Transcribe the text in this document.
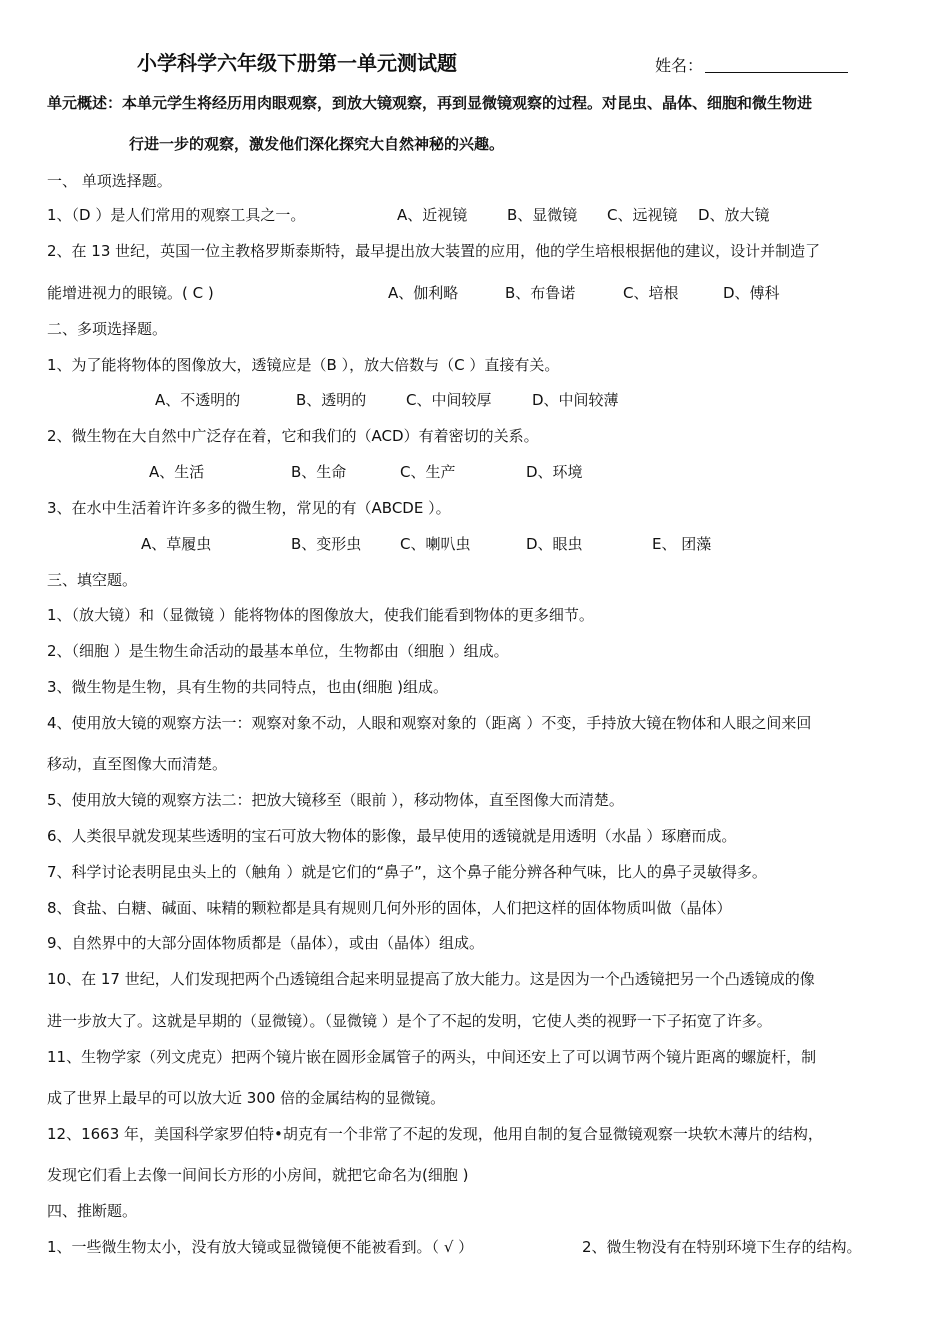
小学科学六年级下册第一单元测试题	姓名：
单元概述：本单元学生将经历用肉眼观察，到放大镜观察，再到显微镜观察的过程。对昆虫、晶体、细胞和微生物进
行进一步的观察，激发他们深化探究大自然神秘的兴趣。
一、 单项选择题。
1、（D ）是人们常用的观察工具之一。	A、近视镜	B、显微镜 C、远视镜 D、放大镜
2、在 13 世纪，英国一位主教格罗斯泰斯特，最早提出放大装置的应用，他的学生培根根据他的建议，设计并制造了
能增进视力的眼镜。( C )	A、伽利略	B、布鲁诺	C、培根	D、傅科
二、多项选择题。
1、为了能将物体的图像放大，透镜应是（B ），放大倍数与（C ）直接有关。
A、不透明的	B、透明的	C、中间较厚	D、中间较薄
2、微生物在大自然中广泛存在着，它和我们的（ACD）有着密切的关系。
A、生活	B、生命	C、生产	D、环境
3、在水中生活着许许多多的微生物，常见的有（ABCDE ）。
A、草履虫	B、变形虫	C、喇叭虫	D、眼虫	E、 团藻
三、填空题。
1、（放大镜）和（显微镜 ）能将物体的图像放大，使我们能看到物体的更多细节。
2、（细胞 ）是生物生命活动的最基本单位，生物都由（细胞 ）组成。
3、微生物是生物，具有生物的共同特点，也由(细胞 )组成。
4、使用放大镜的观察方法一：观察对象不动，人眼和观察对象的（距离 ）不变，手持放大镜在物体和人眼之间来回
移动，直至图像大而清楚。
5、使用放大镜的观察方法二：把放大镜移至（眼前 ），移动物体，直至图像大而清楚。
6、人类很早就发现某些透明的宝石可放大物体的影像，最早使用的透镜就是用透明（水晶 ）琢磨而成。
7、科学讨论表明昆虫头上的（触角 ）就是它们的“鼻子”，这个鼻子能分辨各种气味，比人的鼻子灵敏得多。
8、食盐、白糖、碱面、味精的颗粒都是具有规则几何外形的固体，人们把这样的固体物质叫做（晶体）
9、自然界中的大部分固体物质都是（晶体），或由（晶体）组成。
10、在 17 世纪，人们发现把两个凸透镜组合起来明显提高了放大能力。这是因为一个凸透镜把另一个凸透镜成的像
进一步放大了。这就是早期的（显微镜）。（显微镜 ）是个了不起的发明，它使人类的视野一下子拓宽了许多。
11、生物学家（列文虎克）把两个镜片嵌在圆形金属管子的两头，中间还安上了可以调节两个镜片距离的螺旋杆，制
成了世界上最早的可以放大近 300 倍的金属结构的显微镜。
12、1663 年，美国科学家罗伯特•胡克有一个非常了不起的发现，他用自制的复合显微镜观察一块软木薄片的结构，
发现它们看上去像一间间长方形的小房间，就把它命名为(细胞 )
四、推断题。
1、一些微生物太小，没有放大镜或显微镜便不能被看到。（ √ ）	2、微生物没有在特别环境下生存的结构。
